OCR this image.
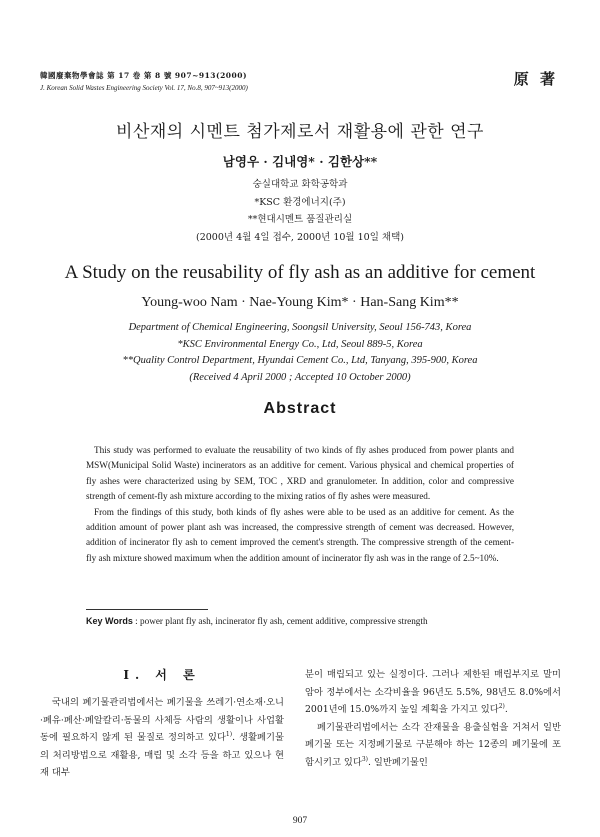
韓國廢棄物學會誌 第 17 卷 第 8 號 907~913(2000)
J. Korean Solid Wastes Engineering Society Vol. 17, No.8, 907~913(2000)	原 著
비산재의 시멘트 첨가제로서 재활용에 관한 연구
남영우 · 김내영* · 김한상**
숭실대학교 화학공학과
*KSC 환경에너지(주)
**현대시멘트 품질관리실
(2000년 4월 4일 접수, 2000년 10월 10일 채택)
A Study on the reusability of fly ash as an additive for cement
Young-woo Nam · Nae-Young Kim* · Han-Sang Kim**
Department of Chemical Engineering, Soongsil University, Seoul 156-743, Korea
*KSC Environmental Energy Co., Ltd, Seoul 889-5, Korea
**Quality Control Department, Hyundai Cement Co., Ltd, Tanyang, 395-900, Korea
(Received 4 April 2000 ; Accepted 10 October 2000)
Abstract

This study was performed to evaluate the reusability of two kinds of fly ashes produced from power plants and MSW(Municipal Solid Waste) incinerators as an additive for cement. Various physical and chemical properties of fly ashes were characterized using by SEM, TOC , XRD and granulometer. In addition, color and compressive strength of cement-fly ash mixture according to the mixing ratios of fly ashes were measured.

From the findings of this study, both kinds of fly ashes were able to be used as an additive for cement. As the addition amount of power plant ash was increased, the compressive strength of cement was decreased. However, addition of incinerator fly ash to cement improved the cement's strength. The compressive strength of the cement-fly ash mixture showed maximum when the addition amount of incinerator fly ash was in the range of 2.5~10%.

Key Words : power plant fly ash, incinerator fly ash, cement additive, compressive strength
Ⅰ. 서 론

국내의 폐기물관리법에서는 폐기물을 쓰레기·연소재·오니·폐유·폐산·폐알칼리·동물의 사체등 사람의 생활이나 사업활동에 필요하지 않게 된 물질로 정의하고 있다$^{1)}$. 생활폐기물의 처리방법으로 재활용, 매립 및 소각 등을 하고 있으나 현재 대부

분이 매립되고 있는 실정이다. 그러나 제한된 매립부지로 말미암아 정부에서는 소각비율을 96년도 5.5%, 98년도 8.0%에서 2001년에 15.0%까지 높일 계획을 가지고 있다$^{2)}$.

폐기물관리법에서는 소각 잔재물을 용출실험을 거쳐서 일반폐기물 또는 지정폐기물로 구분해야 하는 12종의 폐기물에 포함시키고 있다$^{3)}$. 일반폐기물인

907
